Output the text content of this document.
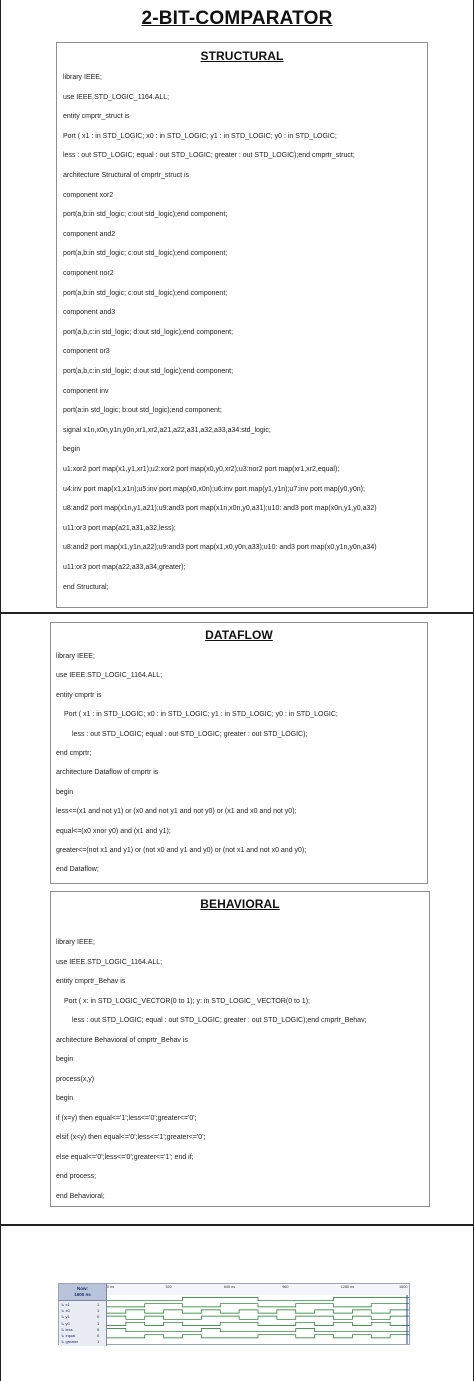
2-BIT-COMPARATOR
STRUCTURAL
library IEEE;
use IEEE.STD_LOGIC_1164.ALL;
entity cmprtr_struct is
Port ( x1 : in STD_LOGIC; x0 : in STD_LOGIC; y1 : in STD_LOGIC; y0 : in STD_LOGIC;
less : out STD_LOGIC; equal : out STD_LOGIC; greater : out STD_LOGIC);end cmprtr_struct;
architecture Structural of cmprtr_struct is
component xor2
port(a,b:in std_logic; c:out std_logic);end component;
component and2
port(a,b:in std_logic; c:out std_logic);end component;
component nor2
port(a,b:in std_logic; c:out std_logic);end component;
component and3
port(a,b,c:in std_logic; d:out std_logic);end component;
component or3
port(a,b,c:in std_logic; d:out std_logic);end component;
component inv
port(a:in std_logic; b:out std_logic);end component;
signal x1n,x0n,y1n,y0n,xr1,xr2,a21,a22,a31,a32,a33,a34:std_logic;
begin
u1:xor2 port map(x1,y1,xr1);u2:xor2 port map(x0,y0,xr2);u3:nor2 port map(xr1,xr2,equal);
u4:inv port map(x1,x1n);u5:inv port map(x0,x0n);u6:inv port map(y1,y1n);u7:inv port map(y0,y0n);
u8:and2 port map(x1n,y1,a21);u9:and3 port map(x1n,x0n,y0,a31);u10: and3 port map(x0n,y1,y0,a32)
u11:or3 port map(a21,a31,a32,less);
u8:and2 port map(x1,y1n,a22);u9:and3 port map(x1,x0,y0n,a33);u10: and3 port map(x0,y1n,y0n,a34)
u11:or3 port map(a22,a33,a34,greater);
end Structural;
DATAFLOW
library IEEE;
use IEEE.STD_LOGIC_1164.ALL;
entity cmprtr is
Port ( x1 : in STD_LOGIC; x0 : in STD_LOGIC; y1 : in STD_LOGIC; y0 : in STD_LOGIC;
less : out STD_LOGIC; equal : out STD_LOGIC; greater : out STD_LOGIC);
end cmprtr;
architecture Dataflow of cmprtr is
begin
less<=(x1 and not y1) or (x0 and not y1 and not y0) or (x1 and x0 and not y0);
equal<=(x0 xnor y0) and (x1 and y1);
greater<=(not x1 and y1) or (not x0 and y1 and y0) or (not x1 and not x0 and y0);
end Dataflow;
BEHAVIORAL
library IEEE;
use IEEE.STD_LOGIC_1164.ALL;
entity cmprtr_Behav is
Port ( x: in STD_LOGIC_VECTOR(0 to 1); y: in STD_LOGIC_ VECTOR(0 to 1);
less : out STD_LOGIC; equal : out STD_LOGIC; greater : out STD_LOGIC);end cmprtr_Behav;
architecture Behavioral of cmprtr_Behav is
begin
process(x,y)
begin
if (x=y) then equal<='1';less<='0';greater<='0';
elsif (x<y) then equal<='0';less<='1';greater<='0';
else equal<='0';less<='0';greater<='1'; end if;
end process;
end Behavioral;
Now:
1600 ns
↳ x1	1
↳ x0	1
↳ y1	0
↳ y0	1
↳ less	0
↳ equal	0
↳ greater	1
0 ns	320	640 ns	960	1280 ns	1600
